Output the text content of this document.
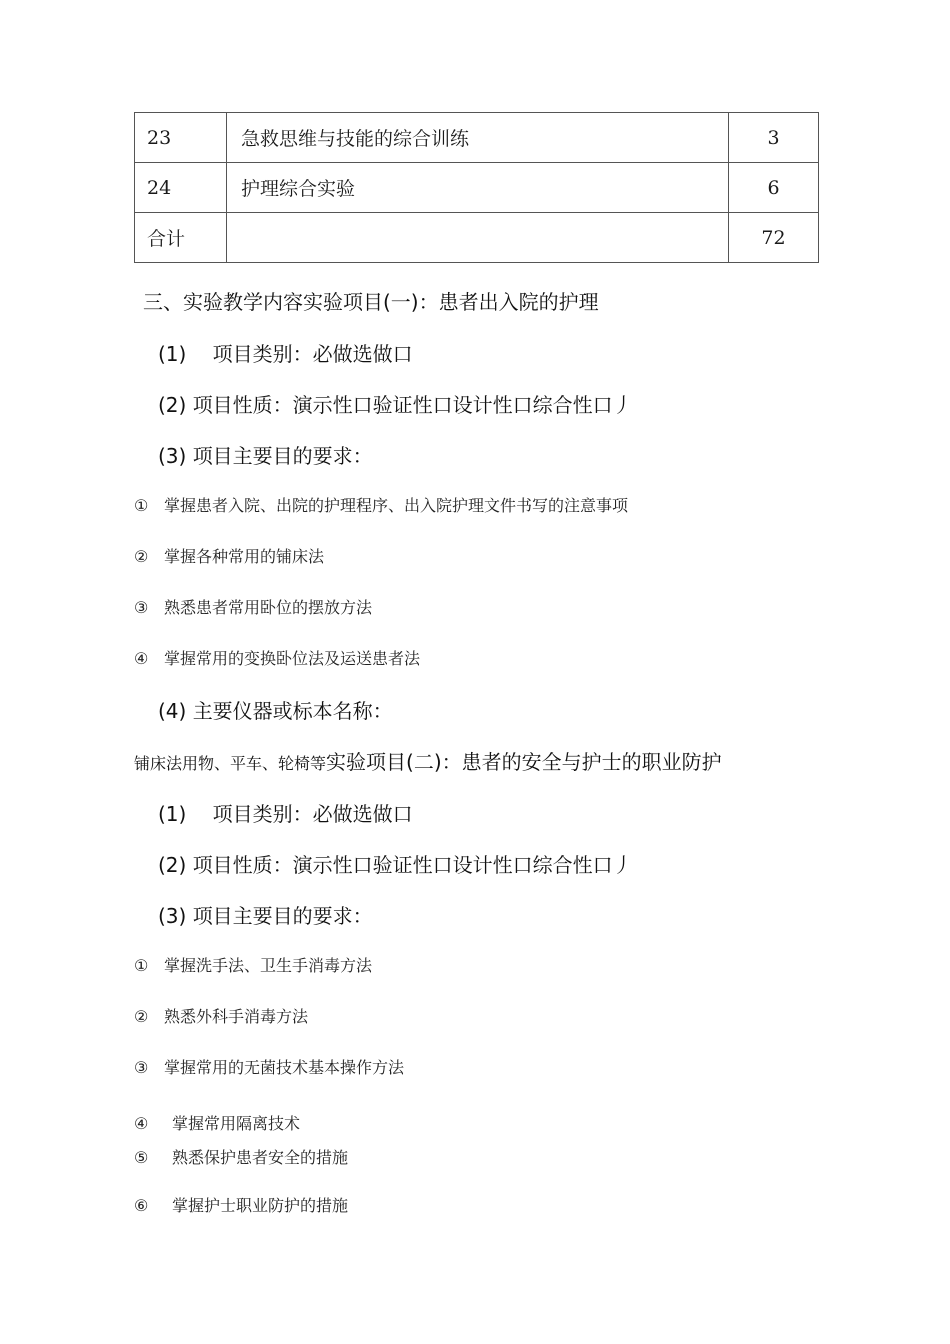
23	急救思维与技能的综合训练	3
24	护理综合实验	6
合计		72
三、实验教学内容实验项目(一)：患者出入院的护理
(1)　 项目类别：必做选做口
(2) 项目性质：演示性口验证性口设计性口综合性口丿
(3) 项目主要目的要求：
① 掌握患者入院、出院的护理程序、出入院护理文件书写的注意事项
② 掌握各种常用的铺床法
③ 熟悉患者常用卧位的摆放方法
④ 掌握常用的变换卧位法及运送患者法
(4) 主要仪器或标本名称：
铺床法用物、平车、轮椅等实验项目(二)：患者的安全与护士的职业防护
(1)　 项目类别：必做选做口
(2) 项目性质：演示性口验证性口设计性口综合性口丿
(3) 项目主要目的要求：
① 掌握洗手法、卫生手消毒方法
② 熟悉外科手消毒方法
③ 掌握常用的无菌技术基本操作方法
④ 掌握常用隔离技术
⑤ 熟悉保护患者安全的措施
⑥ 掌握护士职业防护的措施
